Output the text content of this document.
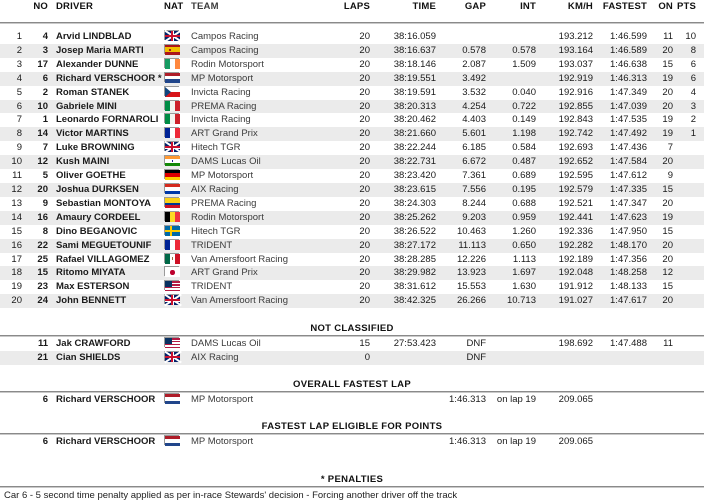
	NO	DRIVER	NAT	TEAM	LAPS	TIME	GAP	INT	KM/H	FASTEST	ON	PTS

1	4	Arvid LINDBLAD		Campos Racing	20	38:16.059			193.212	1:46.599	11	10
2	3	Josep Maria MARTI		Campos Racing	20	38:16.637	0.578	0.578	193.164	1:46.589	20	8
3	17	Alexander DUNNE		Rodin Motorsport	20	38:18.146	2.087	1.509	193.037	1:46.638	15	6
4	6	Richard VERSCHOOR *		MP Motorsport	20	38:19.551	3.492		192.919	1:46.313	19	6
5	2	Roman STANEK		Invicta Racing	20	38:19.591	3.532	0.040	192.916	1:47.349	20	4
6	10	Gabriele MINI		PREMA Racing	20	38:20.313	4.254	0.722	192.855	1:47.039	20	3
7	1	Leonardo FORNAROLI		Invicta Racing	20	38:20.462	4.403	0.149	192.843	1:47.535	19	2
8	14	Victor MARTINS		ART Grand Prix	20	38:21.660	5.601	1.198	192.742	1:47.492	19	1
9	7	Luke BROWNING		Hitech TGR	20	38:22.244	6.185	0.584	192.693	1:47.436	7	
10	12	Kush MAINI		DAMS Lucas Oil	20	38:22.731	6.672	0.487	192.652	1:47.584	20	
11	5	Oliver GOETHE		MP Motorsport	20	38:23.420	7.361	0.689	192.595	1:47.612	9	
12	20	Joshua DURKSEN		AIX Racing	20	38:23.615	7.556	0.195	192.579	1:47.335	15	
13	9	Sebastian MONTOYA		PREMA Racing	20	38:24.303	8.244	0.688	192.521	1:47.347	20	
14	16	Amaury CORDEEL		Rodin Motorsport	20	38:25.262	9.203	0.959	192.441	1:47.623	19	
15	8	Dino BEGANOVIC		Hitech TGR	20	38:26.522	10.463	1.260	192.336	1:47.950	15	
16	22	Sami MEGUETOUNIF		TRIDENT	20	38:27.172	11.113	0.650	192.282	1:48.170	20	
17	25	Rafael VILLAGOMEZ		Van Amersfoort Racing	20	38:28.285	12.226	1.113	192.189	1:47.356	20	
18	15	Ritomo MIYATA		ART Grand Prix	20	38:29.982	13.923	1.697	192.048	1:48.258	12	
19	23	Max ESTERSON		TRIDENT	20	38:31.612	15.553	1.630	191.912	1:48.133	15	
20	24	John BENNETT		Van Amersfoort Racing	20	38:42.325	26.266	10.713	191.027	1:47.617	20	

NOT CLASSIFIED												

	11	Jak CRAWFORD		DAMS Lucas Oil	15	27:53.423	DNF		198.692	1:47.488	11	
	21	Cian SHIELDS		AIX Racing	0		DNF					

OVERALL FASTEST LAP												

	6	Richard VERSCHOOR		MP Motorsport			1:46.313	on lap 19	209.065			

FASTEST LAP ELIGIBLE FOR POINTS												

	6	Richard VERSCHOOR		MP Motorsport			1:46.313	on lap 19	209.065			

* PENALTIES												

Car 6 - 5 second time penalty applied as per in-race Stewards' decision - Forcing another driver off the track												
